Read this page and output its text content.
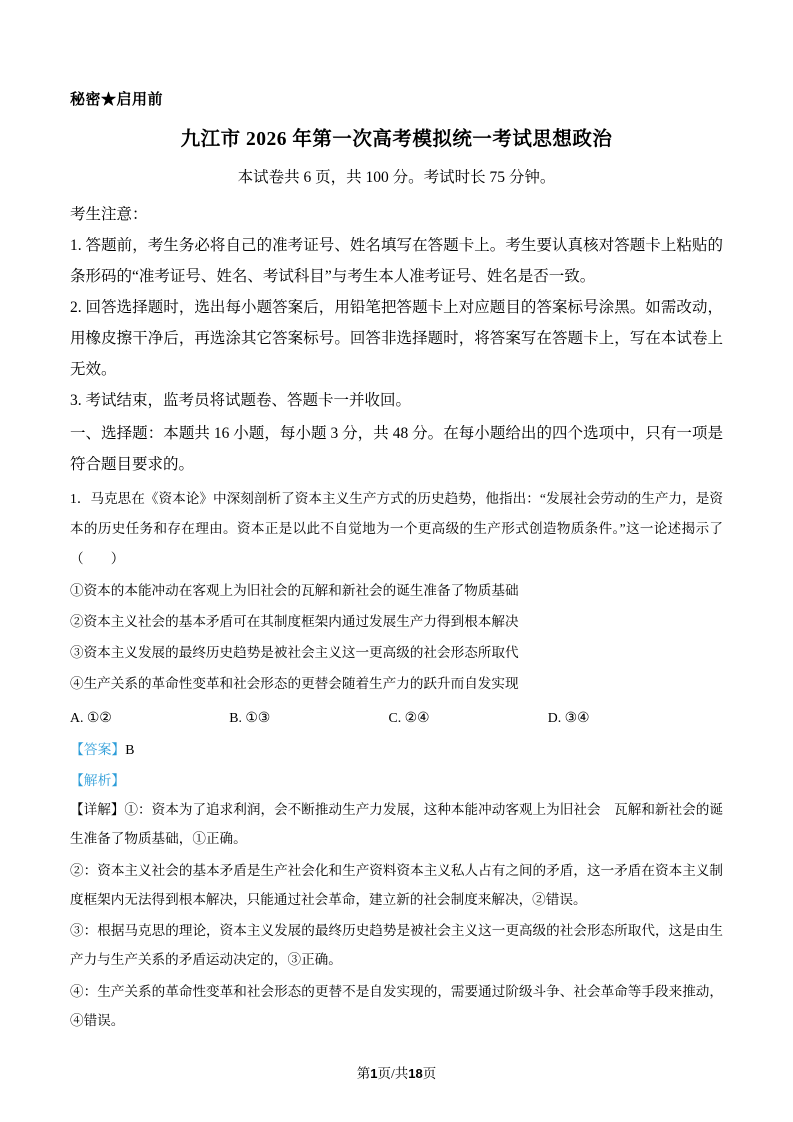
秘密★启用前
九江市 2026 年第一次高考模拟统一考试思想政治
本试卷共 6 页，共 100 分。考试时长 75 分钟。

考生注意：

1. 答题前，考生务必将自己的准考证号、姓名填写在答题卡上。考生要认真核对答题卡上粘贴的条形码的“准考证号、姓名、考试科目”与考生本人准考证号、姓名是否一致。

2. 回答选择题时，选出每小题答案后，用铅笔把答题卡上对应题目的答案标号涂黑。如需改动，用橡皮擦干净后，再选涂其它答案标号。回答非选择题时，将答案写在答题卡上，写在本试卷上无效。

3. 考试结束，监考员将试题卷、答题卡一并收回。

一、选择题：本题共 16 小题，每小题 3 分，共 48 分。在每小题给出的四个选项中，只有一项是符合题目要求的。

1．马克思在《资本论》中深刻剖析了资本主义生产方式的历史趋势，他指出：“发展社会劳动的生产力，是资本的历史任务和存在理由。资本正是以此不自觉地为一个更高级的生产形式创造物质条件。”这一论述揭示了（　　）

①资本的本能冲动在客观上为旧社会的瓦解和新社会的诞生准备了物质基础

②资本主义社会的基本矛盾可在其制度框架内通过发展生产力得到根本解决

③资本主义发展的最终历史趋势是被社会主义这一更高级的社会形态所取代

④生产关系的革命性变革和社会形态的更替会随着生产力的跃升而自发实现

A. ①②	B. ①③	C. ②④	D. ③④

【答案】B

【解析】

【详解】①：资本为了追求利润，会不断推动生产力发展，这种本能冲动客观上为旧社会　瓦解和新社会的诞生准备了物质基础，①正确。

②：资本主义社会的基本矛盾是生产社会化和生产资料资本主义私人占有之间的矛盾，这一矛盾在资本主义制度框架内无法得到根本解决，只能通过社会革命，建立新的社会制度来解决，②错误。

③：根据马克思的理论，资本主义发展的最终历史趋势是被社会主义这一更高级的社会形态所取代，这是由生产力与生产关系的矛盾运动决定的，③正确。

④：生产关系的革命性变革和社会形态的更替不是自发实现的，需要通过阶级斗争、社会革命等手段来推动，④错误。

第1页/共18页
